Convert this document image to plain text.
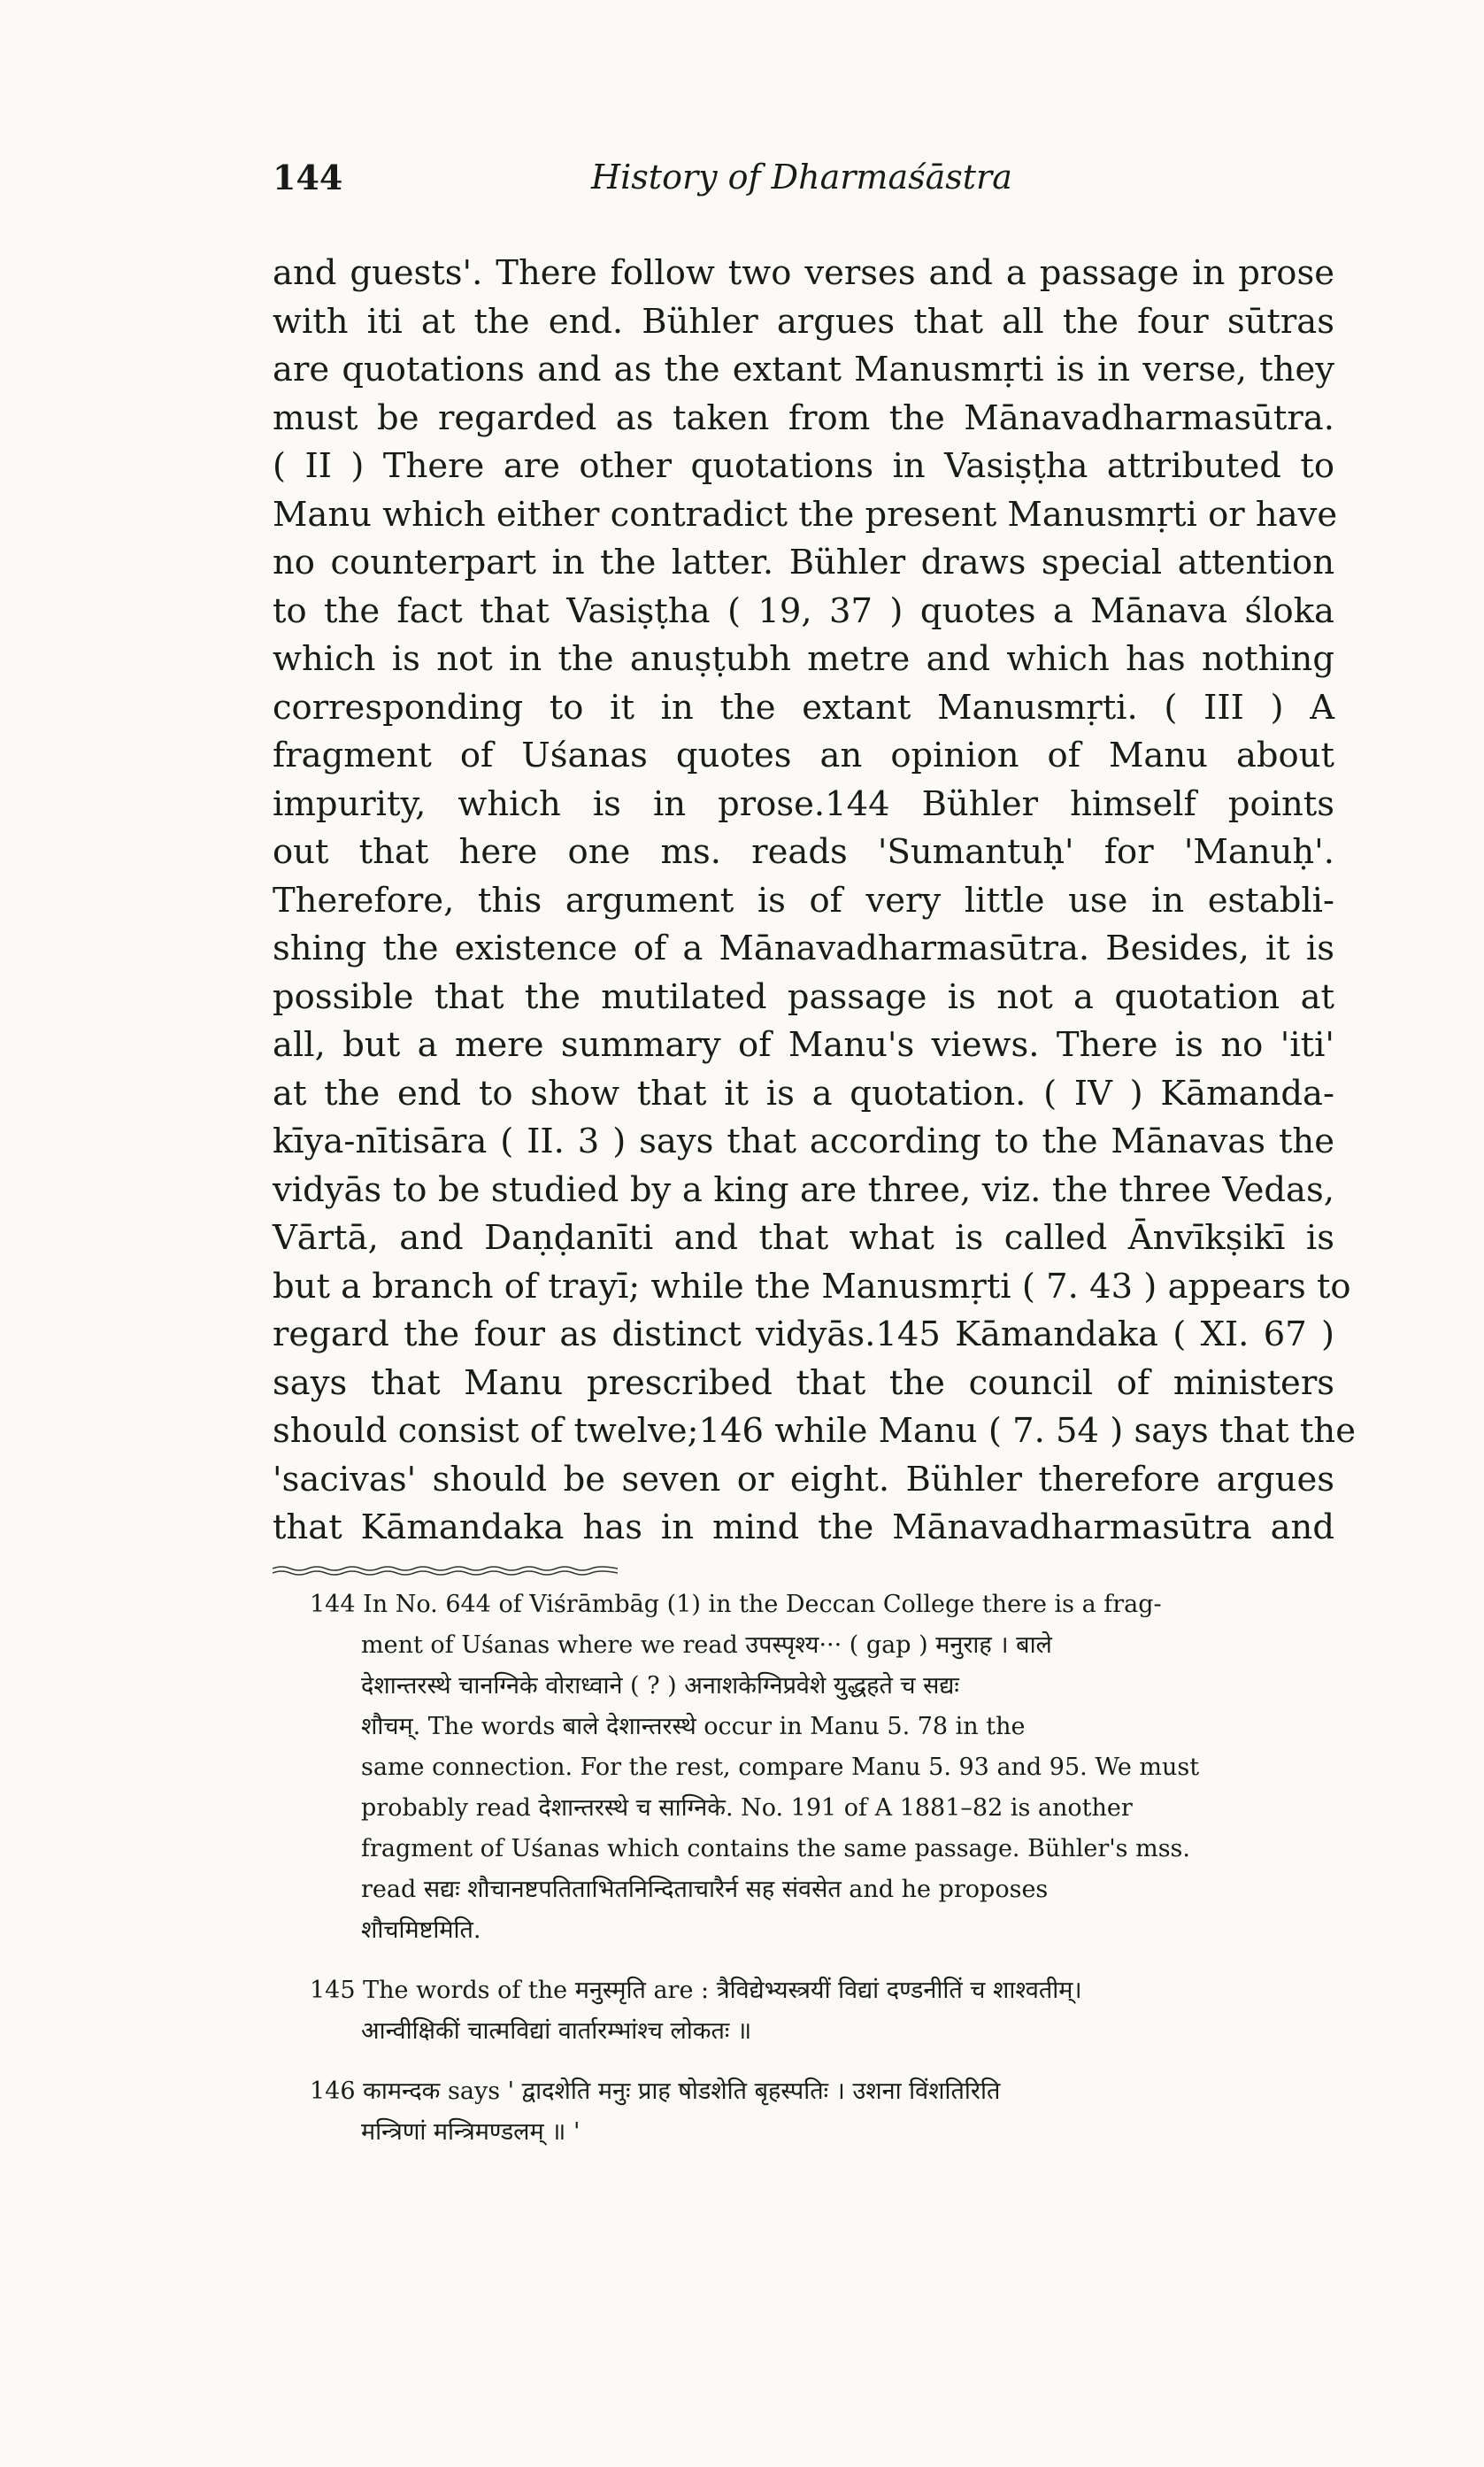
144	History of Dharmaśāstra
and guests'. There follow two verses and a passage in prose
with iti at the end. Bühler argues that all the four sūtras
are quotations and as the extant Manusmṛti is in verse, they
must be regarded as taken from the Mānavadharmasūtra.
( II ) There are other quotations in Vasiṣṭha attributed to
Manu which either contradict the present Manusmṛti or have
no counterpart in the latter. Bühler draws special attention
to the fact that Vasiṣṭha ( 19, 37 ) quotes a Mānava śloka
which is not in the anuṣṭubh metre and which has nothing
corresponding to it in the extant Manusmṛti. ( III ) A
fragment of Uśanas quotes an opinion of Manu about
impurity, which is in prose.144 Bühler himself points
out that here one ms. reads 'Sumantuḥ' for 'Manuḥ'.
Therefore, this argument is of very little use in establi-
shing the existence of a Mānavadharmasūtra. Besides, it is
possible that the mutilated passage is not a quotation at
all, but a mere summary of Manu's views. There is no 'iti'
at the end to show that it is a quotation. ( IV ) Kāmanda-
kīya-nītisāra ( II. 3 ) says that according to the Mānavas the
vidyās to be studied by a king are three, viz. the three Vedas,
Vārtā, and Daṇḍanīti and that what is called Ānvīkṣikī is
but a branch of trayī; while the Manusmṛti ( 7. 43 ) appears to
regard the four as distinct vidyās.145 Kāmandaka ( XI. 67 )
says that Manu prescribed that the council of ministers
should consist of twelve;146 while Manu ( 7. 54 ) says that the
'sacivas' should be seven or eight. Bühler therefore argues
that Kāmandaka has in mind the Mānavadharmasūtra and
144 In No. 644 of Viśrāmbāg (1) in the Deccan College there is a frag-
ment of Uśanas where we read उपस्पृश्य··· ( gap ) मनुराह । बाले
देशान्तरस्थे चानग्निके वोराध्वाने ( ? ) अनाशकेग्निप्रवेशे युद्धहते च सद्यः
शौचम्. The words बाले देशान्तरस्थे occur in Manu 5. 78 in the
same connection. For the rest, compare Manu 5. 93 and 95. We must
probably read देशान्तरस्थे च साग्निके. No. 191 of A 1881–82 is another
fragment of Uśanas which contains the same passage. Bühler's mss.
read सद्यः शौचानष्टपतिताभितनिन्दिताचारैर्न सह संवसेत and he proposes
शौचमिष्टमिति.
145 The words of the मनुस्मृति are : त्रैविद्येभ्यस्त्रयीं विद्यां दण्डनीतिं च शाश्वतीम्।
आन्वीक्षिकीं चात्मविद्यां वार्तारम्भांश्च लोकतः ॥
146 कामन्दक says ' द्वादशेति मनुः प्राह षोडशेति बृहस्पतिः । उशना विंशतिरिति
मन्त्रिणां मन्त्रिमण्डलम् ॥ '
